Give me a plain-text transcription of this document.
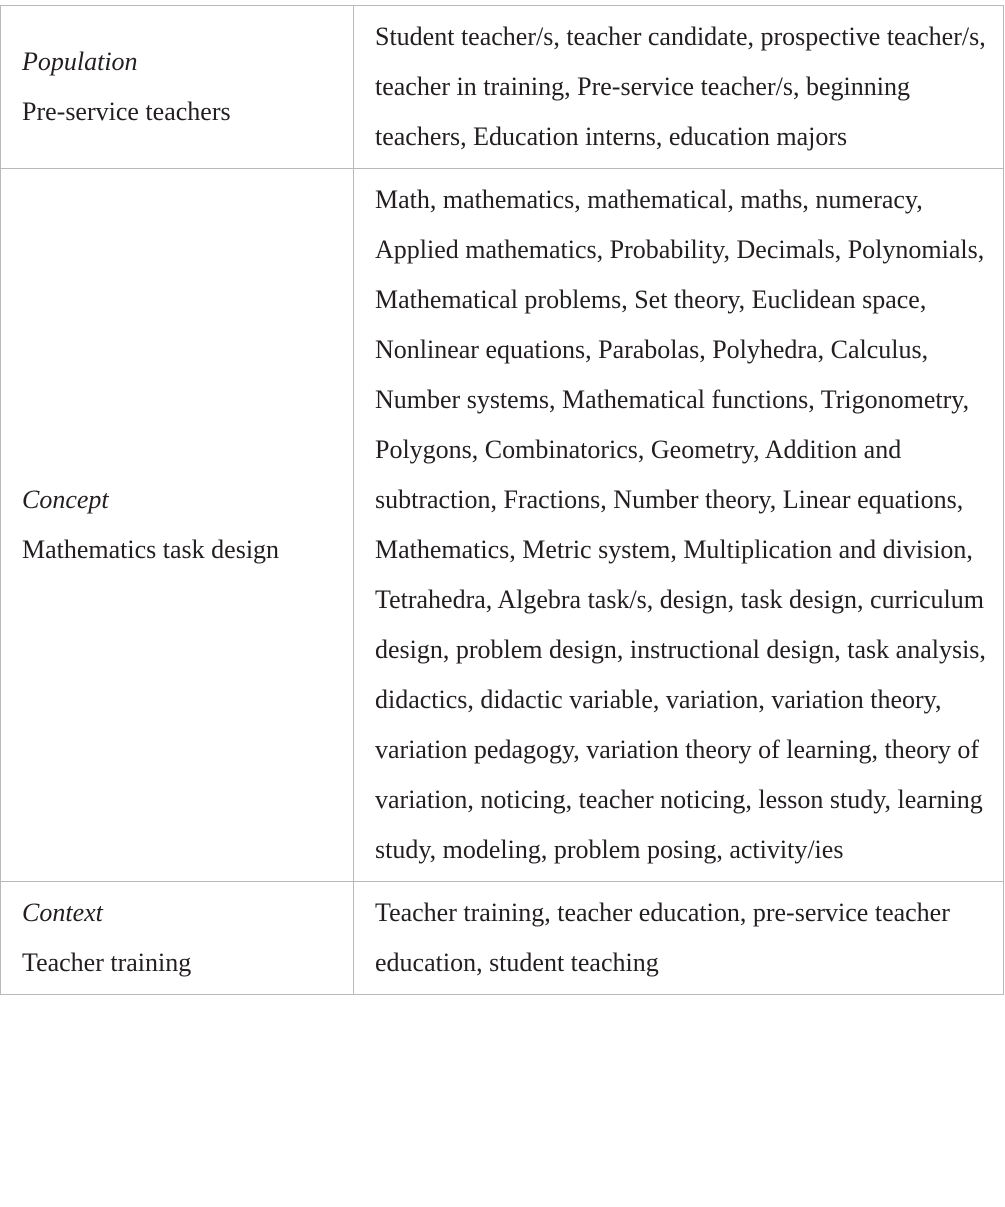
Population
Pre-service teachers	Student teacher/s, teacher candidate, prospective teacher/s, teacher in training, Pre-service teacher/s, beginning teachers, Education interns, education majors

Concept
Mathematics task design	Math, mathematics, mathematical, maths, numeracy, Applied mathematics, Probability, Decimals, Polynomials, Mathematical problems, Set theory, Euclidean space, Nonlinear equations, Parabolas, Polyhedra, Calculus, Number systems, Mathematical functions, Trigonometry, Polygons, Combinatorics, Geometry, Addition and subtraction, Fractions, Number theory, Linear equations, Mathematics, Metric system, Multiplication and division, Tetrahedra, Algebra task/s, design, task design, curriculum design, problem design, instructional design, task analysis, didactics, didactic variable, variation, variation theory, variation pedagogy, variation theory of learning, theory of variation, noticing, teacher noticing, lesson study, learning study, modeling, problem posing, activity/ies

Context
Teacher training	Teacher training, teacher education, pre-service teacher education, student teaching
